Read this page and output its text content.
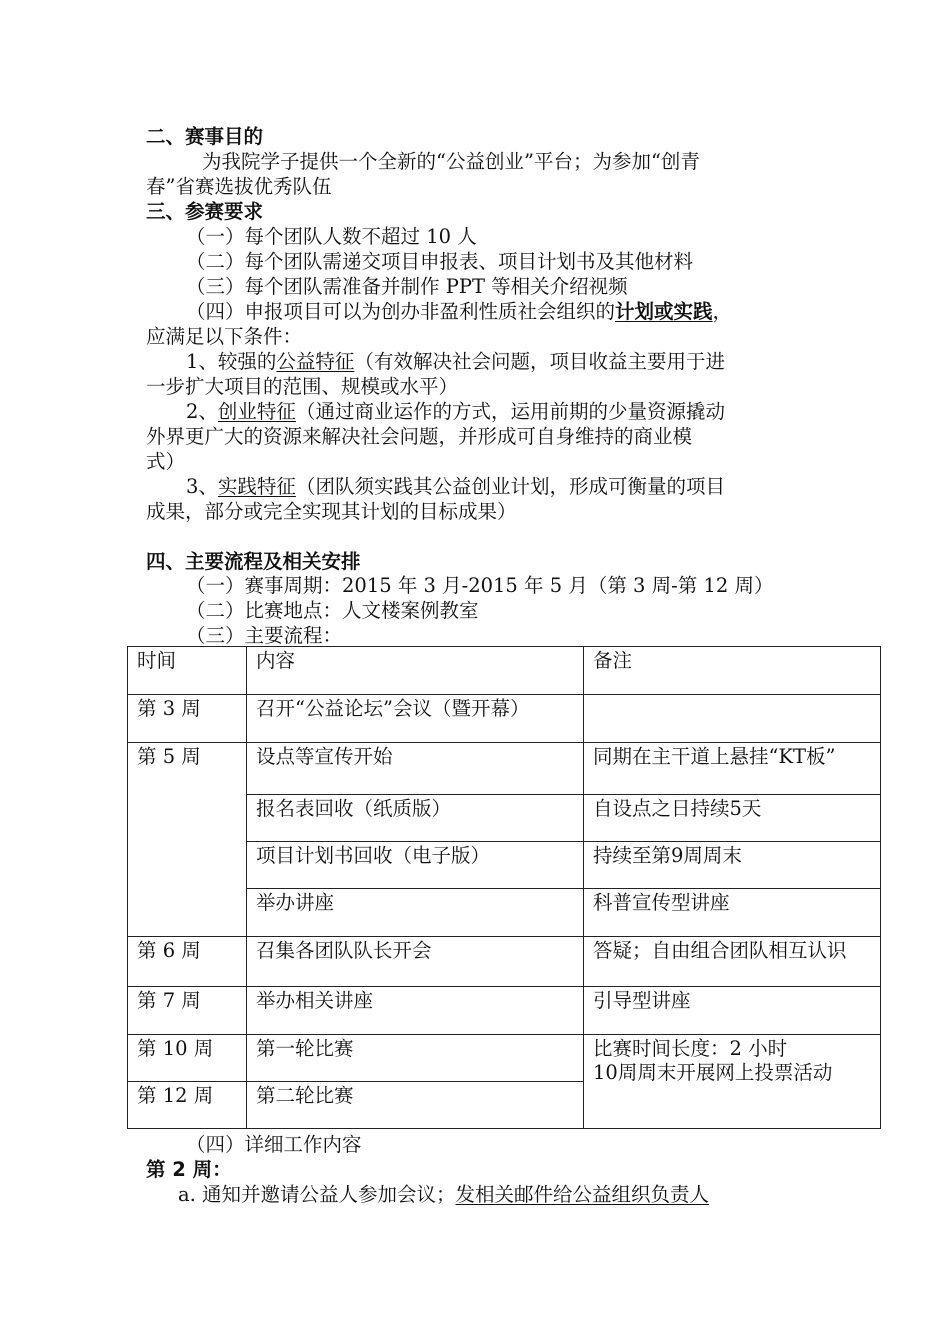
二、赛事目的
为我院学子提供一个全新的“公益创业”平台；为参加“创青
春”省赛选拔优秀队伍
三、参赛要求
（一）每个团队人数不超过 10 人
（二）每个团队需递交项目申报表、项目计划书及其他材料
（三）每个团队需准备并制作 PPT 等相关介绍视频
（四）申报项目可以为创办非盈利性质社会组织的计划或实践，
应满足以下条件：
1、较强的公益特征（有效解决社会问题，项目收益主要用于进
一步扩大项目的范围、规模或水平）
2、创业特征（通过商业运作的方式，运用前期的少量资源撬动
外界更广大的资源来解决社会问题，并形成可自身维持的商业模
式）
3、实践特征（团队须实践其公益创业计划，形成可衡量的项目
成果，部分或完全实现其计划的目标成果）
四、主要流程及相关安排
（一）赛事周期：2015 年 3 月-2015 年 5 月（第 3 周-第 12 周）
（二）比赛地点：人文楼案例教室
（三）主要流程：
时间	内容	备注
第 3 周	召开“公益论坛”会议（暨开幕）	
第 5 周	设点等宣传开始	同期在主干道上悬挂“KT板”
	报名表回收（纸质版）	自设点之日持续5天
	项目计划书回收（电子版）	持续至第9周周末
	举办讲座	科普宣传型讲座
第 6 周	召集各团队队长开会	答疑；自由组合团队相互认识
第 7 周	举办相关讲座	引导型讲座
第 10 周	第一轮比赛	比赛时间长度：2 小时
10周周末开展网上投票活动

第 12 周	第二轮比赛	
（四）详细工作内容
第 2 周：
a. 通知并邀请公益人参加会议；发相关邮件给公益组织负责人
